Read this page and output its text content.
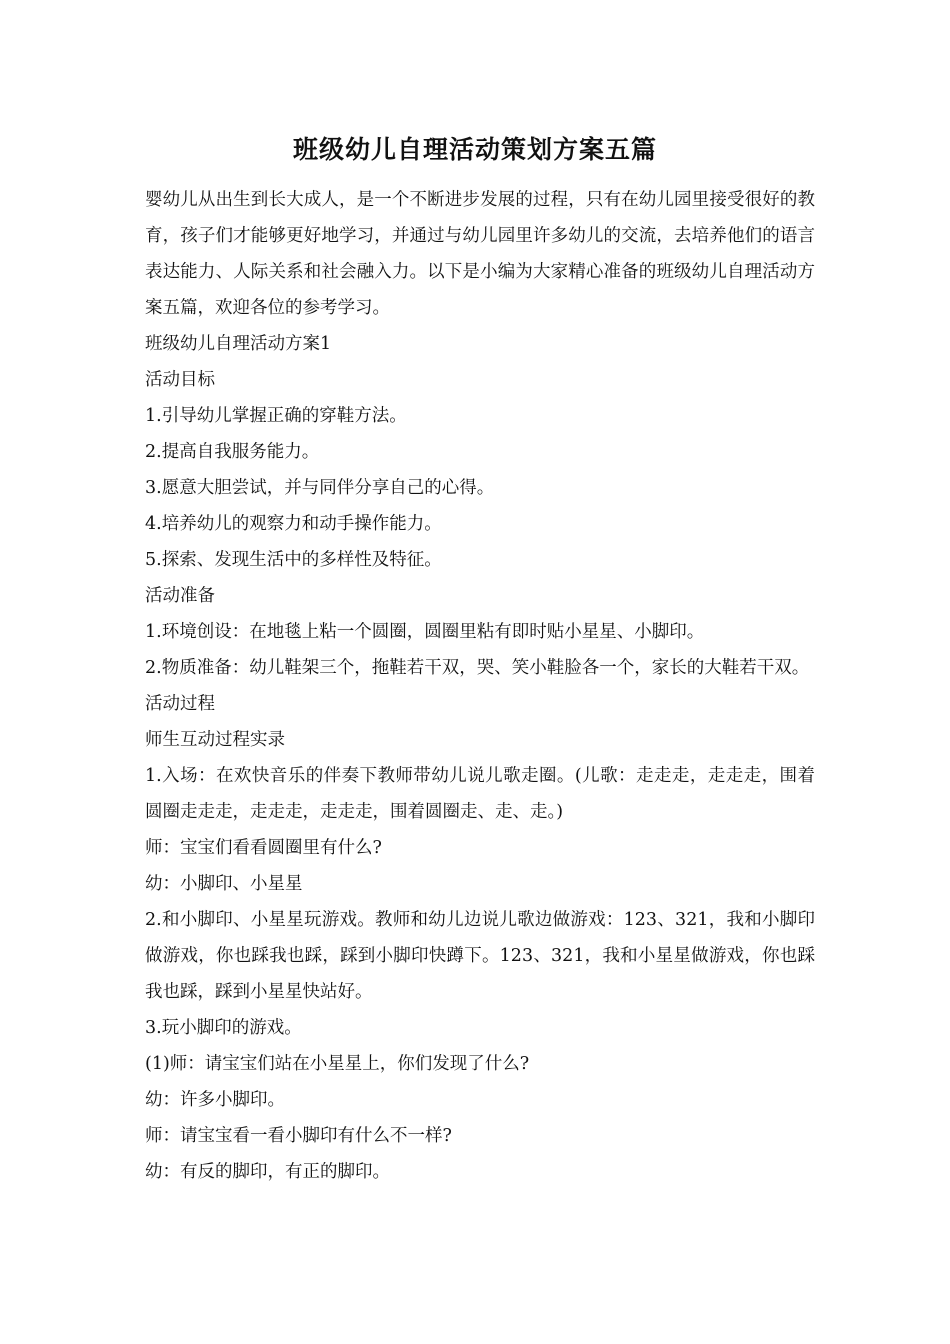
班级幼儿自理活动策划方案五篇

婴幼儿从出生到长大成人，是一个不断进步发展的过程，只有在幼儿园里接受很好的教育，孩子们才能够更好地学习，并通过与幼儿园里许多幼儿的交流，去培养他们的语言表达能力、人际关系和社会融入力。以下是小编为大家精心准备的班级幼儿自理活动方案五篇，欢迎各位的参考学习。

班级幼儿自理活动方案1

活动目标

1.引导幼儿掌握正确的穿鞋方法。

2.提高自我服务能力。

3.愿意大胆尝试，并与同伴分享自己的心得。

4.培养幼儿的观察力和动手操作能力。

5.探索、发现生活中的多样性及特征。

活动准备

1.环境创设：在地毯上粘一个圆圈，圆圈里粘有即时贴小星星、小脚印。

2.物质准备：幼儿鞋架三个，拖鞋若干双，哭、笑小鞋脸各一个，家长的大鞋若干双。

活动过程

师生互动过程实录

1.入场：在欢快音乐的伴奏下教师带幼儿说儿歌走圈。(儿歌：走走走，走走走，围着圆圈走走走，走走走，走走走，围着圆圈走、走、走。)

师：宝宝们看看圆圈里有什么?

幼：小脚印、小星星

2.和小脚印、小星星玩游戏。教师和幼儿边说儿歌边做游戏：123、321，我和小脚印做游戏，你也踩我也踩，踩到小脚印快蹲下。123、321，我和小星星做游戏，你也踩我也踩，踩到小星星快站好。

3.玩小脚印的游戏。

(1)师：请宝宝们站在小星星上，你们发现了什么?

幼：许多小脚印。

师：请宝宝看一看小脚印有什么不一样?

幼：有反的脚印，有正的脚印。
